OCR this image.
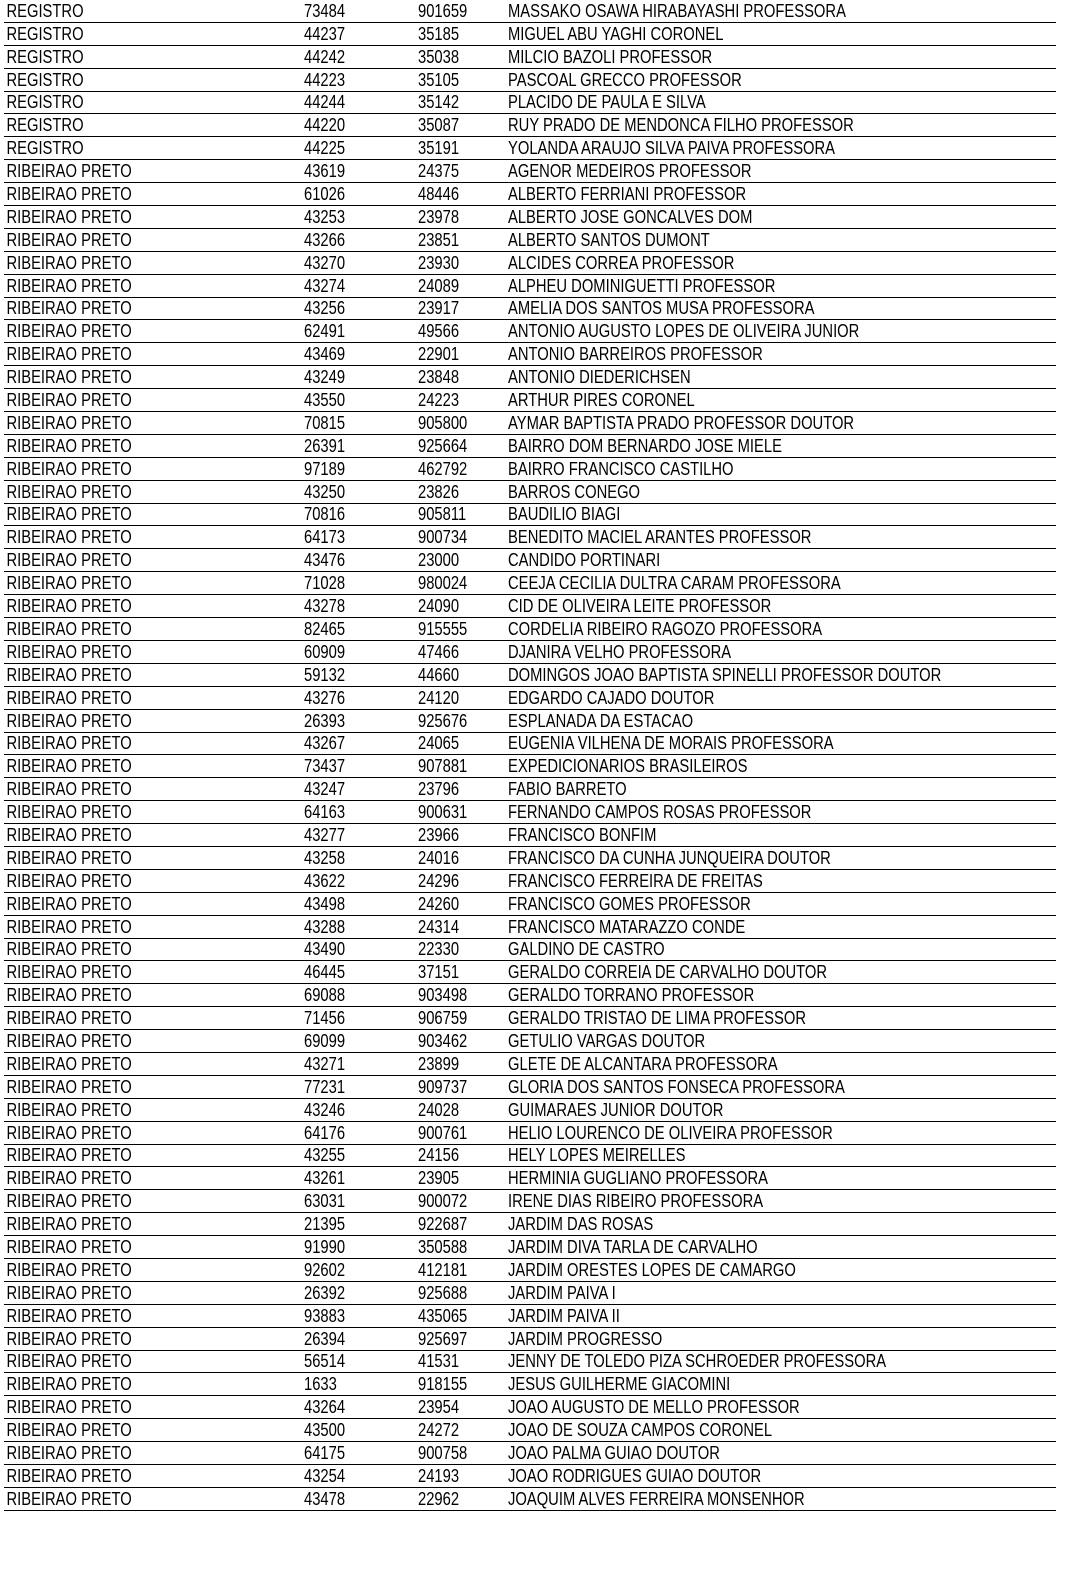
REGISTRO	73484	901659	MASSAKO OSAWA HIRABAYASHI PROFESSORA
REGISTRO	44237	35185	MIGUEL ABU YAGHI CORONEL
REGISTRO	44242	35038	MILCIO BAZOLI PROFESSOR
REGISTRO	44223	35105	PASCOAL GRECCO PROFESSOR
REGISTRO	44244	35142	PLACIDO DE PAULA E SILVA
REGISTRO	44220	35087	RUY PRADO DE MENDONCA FILHO PROFESSOR
REGISTRO	44225	35191	YOLANDA ARAUJO SILVA PAIVA PROFESSORA
RIBEIRAO PRETO	43619	24375	AGENOR MEDEIROS PROFESSOR
RIBEIRAO PRETO	61026	48446	ALBERTO FERRIANI PROFESSOR
RIBEIRAO PRETO	43253	23978	ALBERTO JOSE GONCALVES DOM
RIBEIRAO PRETO	43266	23851	ALBERTO SANTOS DUMONT
RIBEIRAO PRETO	43270	23930	ALCIDES CORREA PROFESSOR
RIBEIRAO PRETO	43274	24089	ALPHEU DOMINIGUETTI PROFESSOR
RIBEIRAO PRETO	43256	23917	AMELIA DOS SANTOS MUSA PROFESSORA
RIBEIRAO PRETO	62491	49566	ANTONIO AUGUSTO LOPES DE OLIVEIRA JUNIOR
RIBEIRAO PRETO	43469	22901	ANTONIO BARREIROS PROFESSOR
RIBEIRAO PRETO	43249	23848	ANTONIO DIEDERICHSEN
RIBEIRAO PRETO	43550	24223	ARTHUR PIRES CORONEL
RIBEIRAO PRETO	70815	905800	AYMAR BAPTISTA PRADO PROFESSOR DOUTOR
RIBEIRAO PRETO	26391	925664	BAIRRO DOM BERNARDO JOSE MIELE
RIBEIRAO PRETO	97189	462792	BAIRRO FRANCISCO CASTILHO
RIBEIRAO PRETO	43250	23826	BARROS CONEGO
RIBEIRAO PRETO	70816	905811	BAUDILIO BIAGI
RIBEIRAO PRETO	64173	900734	BENEDITO MACIEL ARANTES PROFESSOR
RIBEIRAO PRETO	43476	23000	CANDIDO PORTINARI
RIBEIRAO PRETO	71028	980024	CEEJA CECILIA DULTRA CARAM PROFESSORA
RIBEIRAO PRETO	43278	24090	CID DE OLIVEIRA LEITE PROFESSOR
RIBEIRAO PRETO	82465	915555	CORDELIA RIBEIRO RAGOZO PROFESSORA
RIBEIRAO PRETO	60909	47466	DJANIRA VELHO PROFESSORA
RIBEIRAO PRETO	59132	44660	DOMINGOS JOAO BAPTISTA SPINELLI PROFESSOR DOUTOR
RIBEIRAO PRETO	43276	24120	EDGARDO CAJADO DOUTOR
RIBEIRAO PRETO	26393	925676	ESPLANADA DA ESTACAO
RIBEIRAO PRETO	43267	24065	EUGENIA VILHENA DE MORAIS PROFESSORA
RIBEIRAO PRETO	73437	907881	EXPEDICIONARIOS BRASILEIROS
RIBEIRAO PRETO	43247	23796	FABIO BARRETO
RIBEIRAO PRETO	64163	900631	FERNANDO CAMPOS ROSAS PROFESSOR
RIBEIRAO PRETO	43277	23966	FRANCISCO BONFIM
RIBEIRAO PRETO	43258	24016	FRANCISCO DA CUNHA JUNQUEIRA DOUTOR
RIBEIRAO PRETO	43622	24296	FRANCISCO FERREIRA DE FREITAS
RIBEIRAO PRETO	43498	24260	FRANCISCO GOMES PROFESSOR
RIBEIRAO PRETO	43288	24314	FRANCISCO MATARAZZO CONDE
RIBEIRAO PRETO	43490	22330	GALDINO DE CASTRO
RIBEIRAO PRETO	46445	37151	GERALDO CORREIA DE CARVALHO DOUTOR
RIBEIRAO PRETO	69088	903498	GERALDO TORRANO PROFESSOR
RIBEIRAO PRETO	71456	906759	GERALDO TRISTAO DE LIMA PROFESSOR
RIBEIRAO PRETO	69099	903462	GETULIO VARGAS DOUTOR
RIBEIRAO PRETO	43271	23899	GLETE DE ALCANTARA PROFESSORA
RIBEIRAO PRETO	77231	909737	GLORIA DOS SANTOS FONSECA PROFESSORA
RIBEIRAO PRETO	43246	24028	GUIMARAES JUNIOR DOUTOR
RIBEIRAO PRETO	64176	900761	HELIO LOURENCO DE OLIVEIRA PROFESSOR
RIBEIRAO PRETO	43255	24156	HELY LOPES MEIRELLES
RIBEIRAO PRETO	43261	23905	HERMINIA GUGLIANO PROFESSORA
RIBEIRAO PRETO	63031	900072	IRENE DIAS RIBEIRO PROFESSORA
RIBEIRAO PRETO	21395	922687	JARDIM DAS ROSAS
RIBEIRAO PRETO	91990	350588	JARDIM DIVA TARLA DE CARVALHO
RIBEIRAO PRETO	92602	412181	JARDIM ORESTES LOPES DE CAMARGO
RIBEIRAO PRETO	26392	925688	JARDIM PAIVA I
RIBEIRAO PRETO	93883	435065	JARDIM PAIVA II
RIBEIRAO PRETO	26394	925697	JARDIM PROGRESSO
RIBEIRAO PRETO	56514	41531	JENNY DE TOLEDO PIZA SCHROEDER PROFESSORA
RIBEIRAO PRETO	1633	918155	JESUS GUILHERME GIACOMINI
RIBEIRAO PRETO	43264	23954	JOAO AUGUSTO DE MELLO PROFESSOR
RIBEIRAO PRETO	43500	24272	JOAO DE SOUZA CAMPOS CORONEL
RIBEIRAO PRETO	64175	900758	JOAO PALMA GUIAO DOUTOR
RIBEIRAO PRETO	43254	24193	JOAO RODRIGUES GUIAO DOUTOR
RIBEIRAO PRETO	43478	22962	JOAQUIM ALVES FERREIRA MONSENHOR
